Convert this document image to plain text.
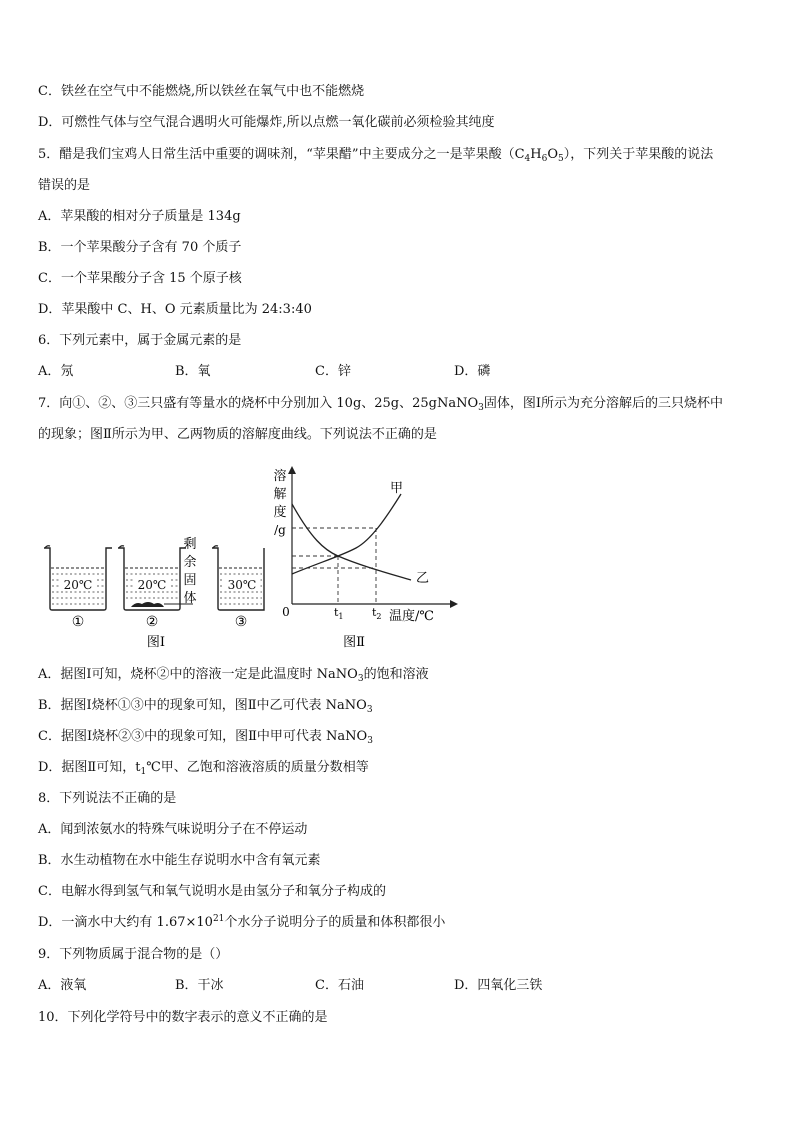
C．铁丝在空气中不能燃烧,所以铁丝在氧气中也不能燃烧
D．可燃性气体与空气混合遇明火可能爆炸,所以点燃一氧化碳前必须检验其纯度
5．醋是我们宝鸡人日常生活中重要的调味剂，“苹果醋”中主要成分之一是苹果酸$(C_4H_6O_5)$，下列关于苹果酸的说法
错误的是
A．苹果酸的相对分子质量是 134g
B．一个苹果酸分子含有 70 个质子
C．一个苹果酸分子含 15 个原子核
D．苹果酸中 C、H、O 元素质量比为 24:3:40
6．下列元素中，属于金属元素的是
A．氖	B．氧	C．锌	D．磷
7．向①、②、③三只盛有等量水的烧杯中分别加入 10g、25g、25gNaNO$_3$固体，图Ⅰ所示为充分溶解后的三只烧杯中
的现象；图Ⅱ所示为甲、乙两物质的溶解度曲线。下列说法不正确的是
20℃	20℃
剩
余
固
体
30℃
①	②	③
图Ⅰ
溶
解
度
/g
甲
乙
0	$t_1$	$t_2$ 温度/℃
图Ⅱ
A．据图Ⅰ可知，烧杯②中的溶液一定是此温度时 NaNO$_3$的饱和溶液
B．据图Ⅰ烧杯①③中的现象可知，图Ⅱ中乙可代表 NaNO$_3$
C．据图Ⅰ烧杯②③中的现象可知，图Ⅱ中甲可代表 NaNO$_3$
D．据图Ⅱ可知，$t_1℃$甲、乙饱和溶液溶质的质量分数相等
8．下列说法不正确的是
A．闻到浓氨水的特殊气味说明分子在不停运动
B．水生动植物在水中能生存说明水中含有氧元素
C．电解水得到氢气和氧气说明水是由氢分子和氧分子构成的
D．一滴水中大约有 $1.67\times 10^{21}$个水分子说明分子的质量和体积都很小
9．下列物质属于混合物的是（）
A．液氧	B．干冰	C．石油	D．四氧化三铁
10．下列化学符号中的数字表示的意义不正确的是
